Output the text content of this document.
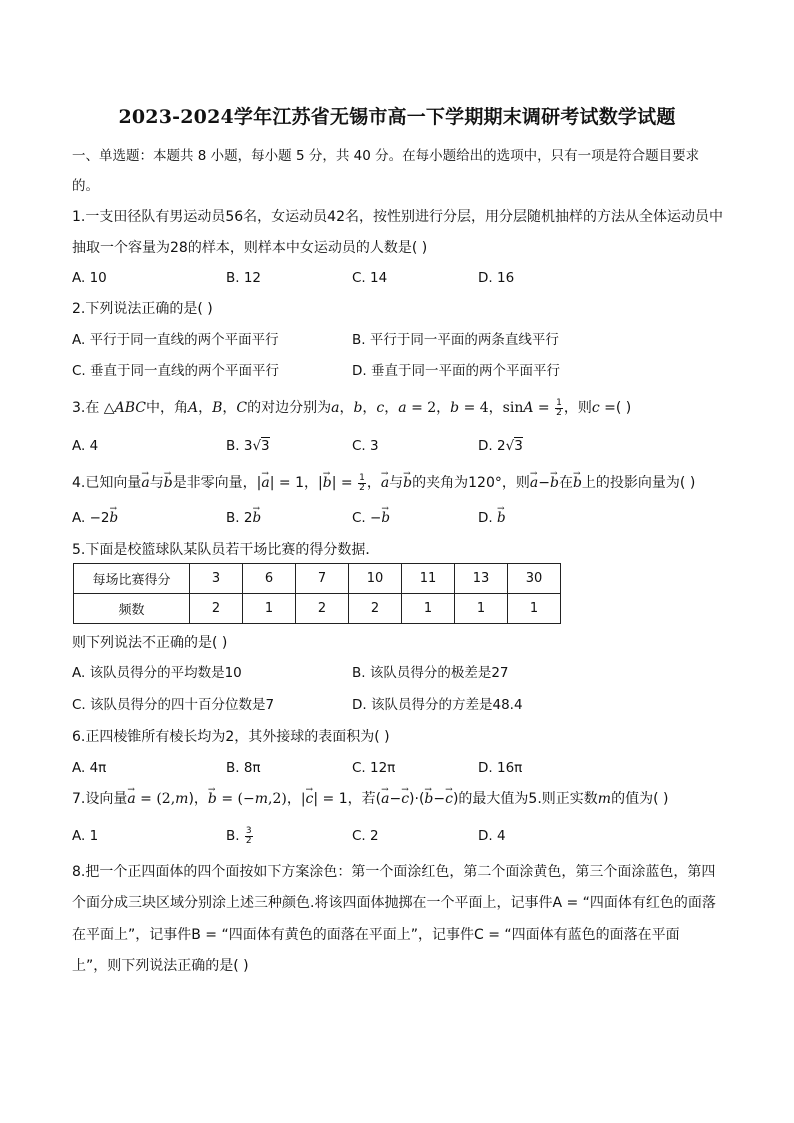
2023-2024学年江苏省无锡市高一下学期期末调研考试数学试题
一、单选题：本题共 8 小题，每小题 5 分，共 40 分。在每小题给出的选项中，只有一项是符合题目要求
的。
1.一支田径队有男运动员56名，女运动员42名，按性别进行分层，用分层随机抽样的方法从全体运动员中
抽取一个容量为28的样本，则样本中女运动员的人数是( )
A. 10	B. 12	C. 14	D. 16
2.下列说法正确的是( )
A. 平行于同一直线的两个平面平行	B. 平行于同一平面的两条直线平行
C. 垂直于同一直线的两个平面平行	D. 垂直于同一平面的两个平面平行
3.在 △ABC中，角A，B，C的对边分别为a，b，c，a = 2，b = 4，$\sin A = \frac{1}{2}$ ，则c =( )
A. 4	B. 3√3	C. 3	D. 2√3
4.已知向量→ a与→ b是非零向量，|→ a| = 1，|→ $b| = \frac{1}{2}$ ，→ a与→ b的夹角为120°，则→ a−→ b在→ b上的投影向量为( )
A. −2→ b	B. 2→ b	C. −→ b	D. → b
5.下面是校篮球队某队员若干场比赛的得分数据．
每场比赛得分	3	6	7	10	11	13	30
频数	2	1	2	2	1	1	1
则下列说法不正确的是( )
A. 该队员得分的平均数是10	B. 该队员得分的极差是27
C. 该队员得分的四十百分位数是7	D. 该队员得分的方差是48.4
6.正四棱锥所有棱长均为2，其外接球的表面积为( )
A. 4π	B. 8π	C. 12π	D. 16π
7.设向量→ a = (2,m)，→ b = (−m,2)，|→ c| = 1，若(→ a−→ c)·(→ b−→ c)的最大值为5.则正实数m的值为( )
A. 1	B. $\frac{3}{2}$	C. 2	D. 4
8.把一个正四面体的四个面按如下方案涂色：第一个面涂红色，第二个面涂黄色，第三个面涂蓝色，第四
个面分成三块区域分别涂上述三种颜色.将该四面体抛掷在一个平面上，记事件A = “四面体有红色的面落
在平面上”，记事件B = “四面体有黄色的面落在平面上”，记事件C = “四面体有蓝色的面落在平面
上”，则下列说法正确的是( )
